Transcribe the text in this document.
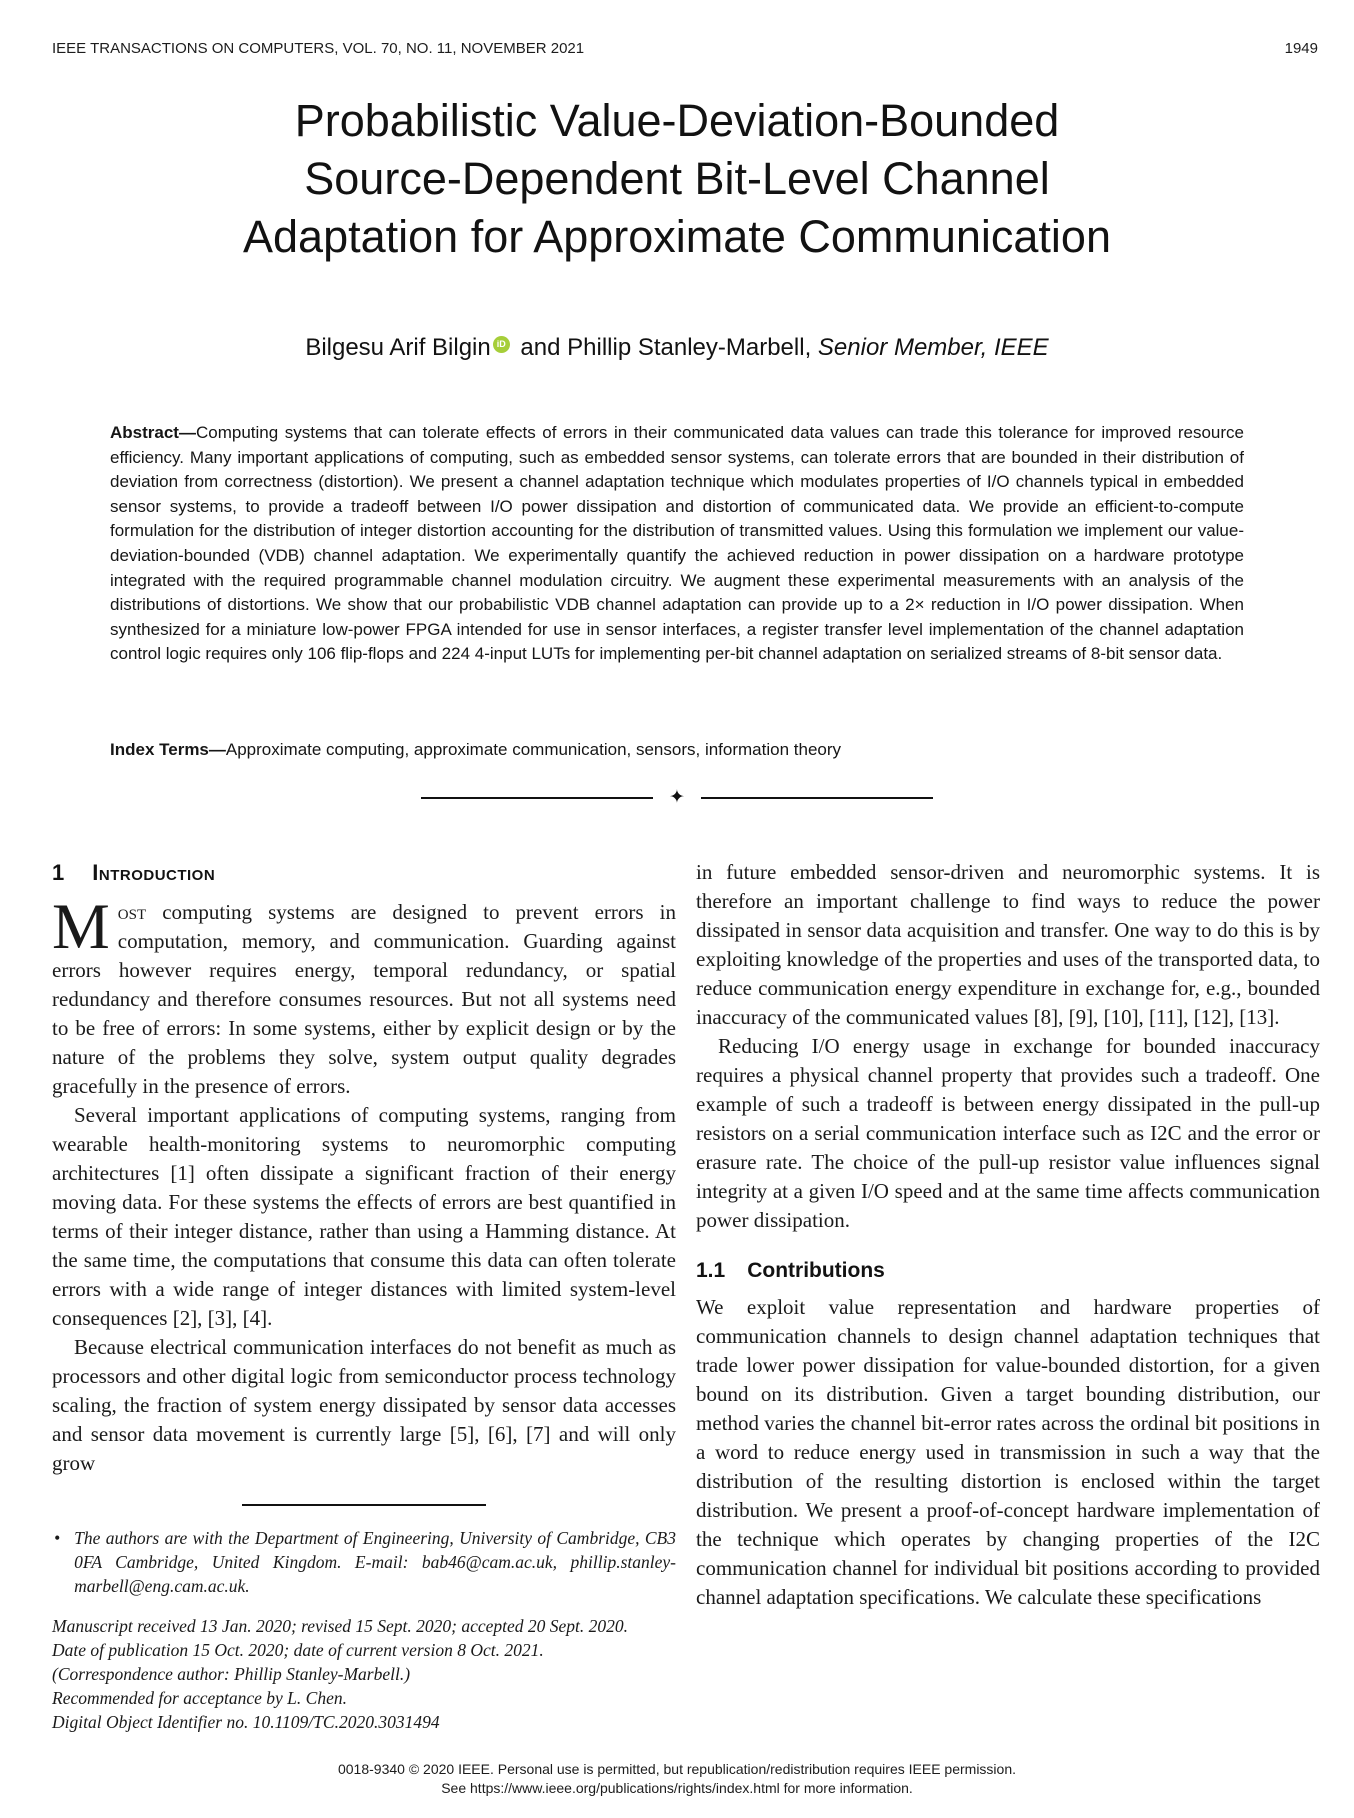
IEEE TRANSACTIONS ON COMPUTERS, VOL. 70, NO. 11, NOVEMBER 2021	1949
Probabilistic Value-Deviation-Bounded
Source-Dependent Bit-Level Channel
Adaptation for Approximate Communication
Bilgesu Arif Bilgin iD and Phillip Stanley-Marbell, Senior Member, IEEE
Abstract—Computing systems that can tolerate effects of errors in their communicated data values can trade this tolerance for improved resource efficiency. Many important applications of computing, such as embedded sensor systems, can tolerate errors that are bounded in their distribution of deviation from correctness (distortion). We present a channel adaptation technique which modulates properties of I/O channels typical in embedded sensor systems, to provide a tradeoff between I/O power dissipation and distortion of communicated data. We provide an efficient-to-compute formulation for the distribution of integer distortion accounting for the distribution of transmitted values. Using this formulation we implement our value-deviation-bounded (VDB) channel adaptation. We experimentally quantify the achieved reduction in power dissipation on a hardware prototype integrated with the required programmable channel modulation circuitry. We augment these experimental measurements with an analysis of the distributions of distortions. We show that our probabilistic VDB channel adaptation can provide up to a 2× reduction in I/O power dissipation. When synthesized for a miniature low-power FPGA intended for use in sensor interfaces, a register transfer level implementation of the channel adaptation control logic requires only 106 flip-flops and 224 4-input LUTs for implementing per-bit channel adaptation on serialized streams of 8-bit sensor data.
Index Terms—Approximate computing, approximate communication, sensors, information theory
✦
1 Introduction

Most computing systems are designed to prevent errors in computation, memory, and communication. Guarding against errors however requires energy, temporal redundancy, or spatial redundancy and therefore consumes resources. But not all systems need to be free of errors: In some systems, either by explicit design or by the nature of the problems they solve, system output quality degrades gracefully in the presence of errors.

Several important applications of computing systems, ranging from wearable health-monitoring systems to neuromorphic computing architectures [1] often dissipate a significant fraction of their energy moving data. For these systems the effects of errors are best quantified in terms of their integer distance, rather than using a Hamming distance. At the same time, the computations that consume this data can often tolerate errors with a wide range of integer distances with limited system-level consequences [2], [3], [4].

Because electrical communication interfaces do not benefit as much as processors and other digital logic from semiconductor process technology scaling, the fraction of system energy dissipated by sensor data accesses and sensor data movement is currently large [5], [6], [7] and will only grow

• The authors are with the Department of Engineering, University of Cambridge, CB3 0FA Cambridge, United Kingdom. E-mail: bab46@cam.ac.uk, phillip.stanley-marbell@eng.cam.ac.uk.
Manuscript received 13 Jan. 2020; revised 15 Sept. 2020; accepted 20 Sept. 2020.
Date of publication 15 Oct. 2020; date of current version 8 Oct. 2021.
(Correspondence author: Phillip Stanley-Marbell.)
Recommended for acceptance by L. Chen.
Digital Object Identifier no. 10.1109/TC.2020.3031494

in future embedded sensor-driven and neuromorphic systems. It is therefore an important challenge to find ways to reduce the power dissipated in sensor data acquisition and transfer. One way to do this is by exploiting knowledge of the properties and uses of the transported data, to reduce communication energy expenditure in exchange for, e.g., bounded inaccuracy of the communicated values [8], [9], [10], [11], [12], [13].

Reducing I/O energy usage in exchange for bounded inaccuracy requires a physical channel property that provides such a tradeoff. One example of such a tradeoff is between energy dissipated in the pull-up resistors on a serial communication interface such as I2C and the error or erasure rate. The choice of the pull-up resistor value influences signal integrity at a given I/O speed and at the same time affects communication power dissipation.

1.1 Contributions

We exploit value representation and hardware properties of communication channels to design channel adaptation techniques that trade lower power dissipation for value-bounded distortion, for a given bound on its distribution. Given a target bounding distribution, our method varies the channel bit-error rates across the ordinal bit positions in a word to reduce energy used in transmission in such a way that the distribution of the resulting distortion is enclosed within the target distribution. We present a proof-of-concept hardware implementation of the technique which operates by changing properties of the I2C communication channel for individual bit positions according to provided channel adaptation specifications. We calculate these specifications

0018-9340 © 2020 IEEE. Personal use is permitted, but republication/redistribution requires IEEE permission.
See https://www.ieee.org/publications/rights/index.html for more information.
